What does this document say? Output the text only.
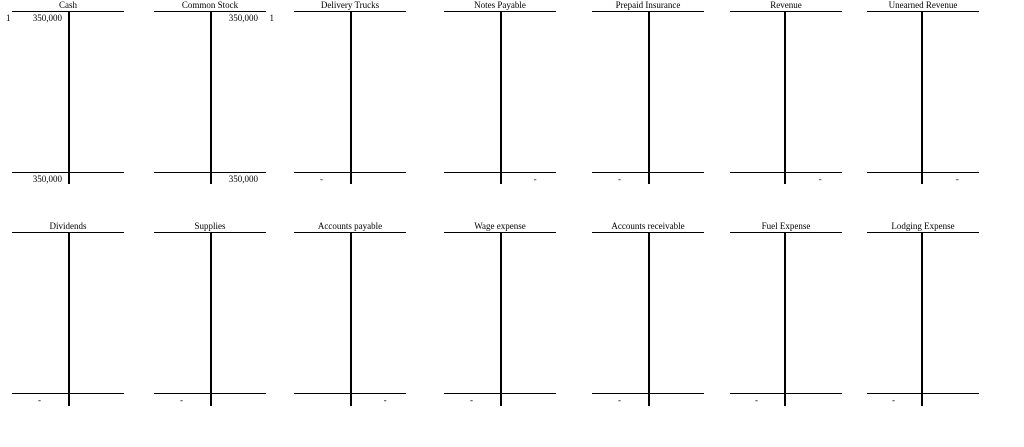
Cash
350,000
1
350,000
Common Stock
350,000 1
350,000
Delivery Trucks
-
Notes Payable
-
Prepaid Insurance
-
Revenue
-
Unearned Revenue
-
Dividends
-
Supplies
-
Accounts payable
-
Wage expense
-
Accounts receivable
-
Fuel Expense
-
Lodging Expense
-
